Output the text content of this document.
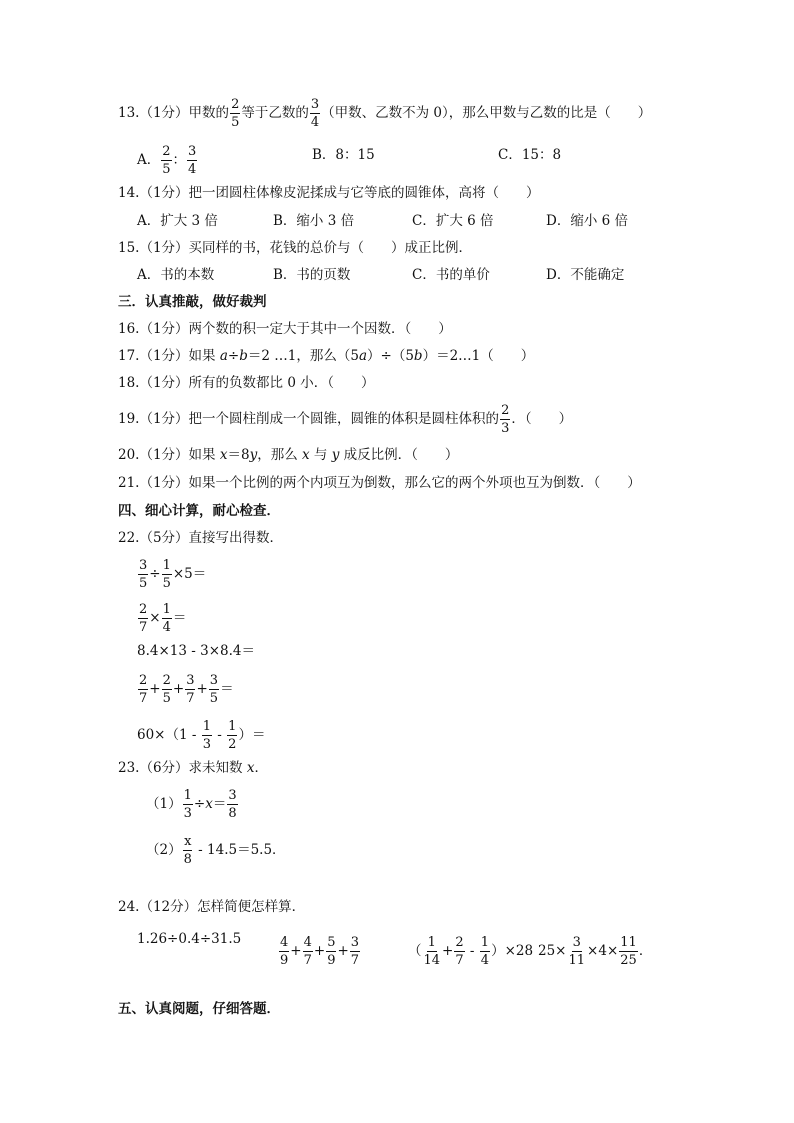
13.（1分）甲数的 $\frac{2}{5}$ 等于乙数的 $\frac{3}{4}$ （甲数、乙数不为 0），那么甲数与乙数的比是（　　）
A． $\frac{2}{5}$ ： $\frac{3}{4}$	B．8：15	C．15：8
14.（1分）把一团圆柱体橡皮泥揉成与它等底的圆锥体，高将（　　）
A．扩大 3 倍	B．缩小 3 倍	C．扩大 6 倍	D．缩小 6 倍
15.（1分）买同样的书，花钱的总价与（　　）成正比例．
A．书的本数	B．书的页数	C．书的单价	D．不能确定
三．认真推敲，做好裁判
16.（1分）两个数的积一定大于其中一个因数．（　　）
17.（1分）如果 a÷b＝2 …1，那么（5a）÷（5b）＝2…1（　　）
18.（1分）所有的负数都比 0 小．（　　）
19.（1分）把一个圆柱削成一个圆锥，圆锥的体积是圆柱体积的 $\frac{2}{3}$ ．（　　）
20.（1分）如果 x＝8y，那么 x 与 y 成反比例．（　　）
21.（1分）如果一个比例的两个内项互为倒数，那么它的两个外项也互为倒数．（　　）
四、细心计算，耐心检查．
22.（5分）直接写出得数．
$\frac{3}{5} \div \frac{1}{5} \times 5=$
$\frac{2}{7} \times \frac{1}{4}$ ＝
8.4×13 - 3×8.4＝
$\frac{2}{7} + \frac{2}{5} + \frac{3}{7} + \frac{3}{5}$ ＝
$60\times(1 - \frac{1}{3} - \frac{1}{2}$ ）＝
23.（6分）求未知数 x．
$(1) \frac{1}{3} \div x= \frac{3}{8}$
$(2) \frac{x}{8} - 14.5=5.5$．
24.（12分）怎样简便怎样算．
1.26÷0.4÷31.5	$\frac{4}{9} + \frac{4}{7} + \frac{5}{9} + \frac{3}{7}$	（ $\frac{1}{14} + \frac{2}{7} - \frac{1}{4} )\times 28$ $25\times \frac{3}{11} \times 4\times \frac{11}{25}$ ．
五、认真阅题，仔细答题．
